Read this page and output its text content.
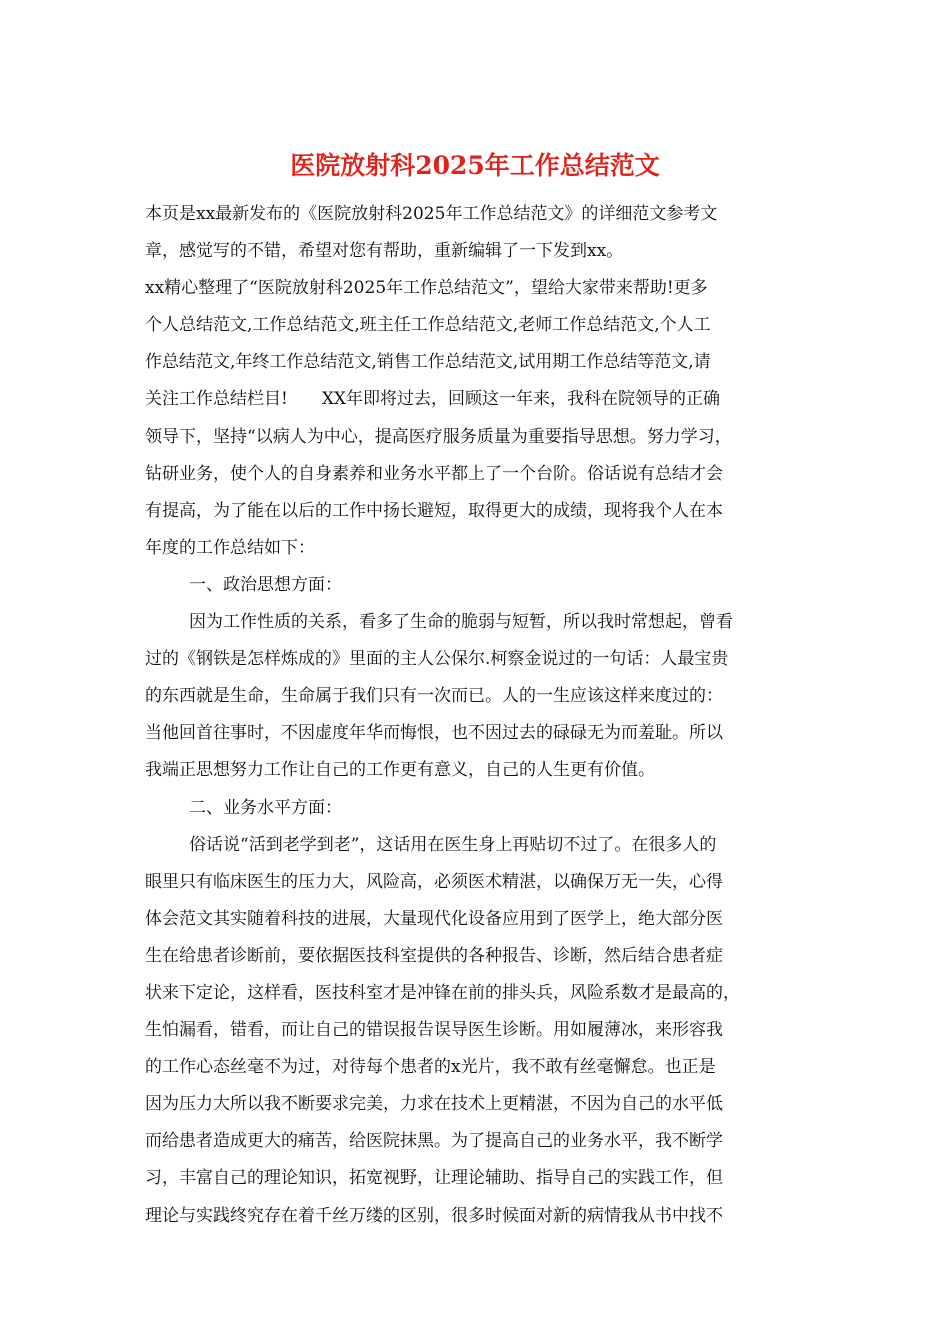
医院放射科2025年工作总结范文
本页是xx最新发布的《医院放射科2025年工作总结范文》的详细范文参考文
章，感觉写的不错，希望对您有帮助，重新编辑了一下发到xx。
xx精心整理了“医院放射科2025年工作总结范文”，望给大家带来帮助!更多
个人总结范文,工作总结范文,班主任工作总结范文,老师工作总结范文,个人工
作总结范文,年终工作总结范文,销售工作总结范文,试用期工作总结等范文,请
关注工作总结栏目!　　XX年即将过去，回顾这一年来，我科在院领导的正确
领导下，坚持“以病人为中心，提高医疗服务质量为重要指导思想。努力学习，
钻研业务，使个人的自身素养和业务水平都上了一个台阶。俗话说有总结才会
有提高，为了能在以后的工作中扬长避短，取得更大的成绩，现将我个人在本
年度的工作总结如下：
一、政治思想方面：
因为工作性质的关系，看多了生命的脆弱与短暂，所以我时常想起，曾看
过的《钢铁是怎样炼成的》里面的主人公保尔.柯察金说过的一句话：人最宝贵
的东西就是生命，生命属于我们只有一次而已。人的一生应该这样来度过的：
当他回首往事时，不因虚度年华而悔恨，也不因过去的碌碌无为而羞耻。所以
我端正思想努力工作让自己的工作更有意义，自己的人生更有价值。
二、业务水平方面：
俗话说“活到老学到老”，这话用在医生身上再贴切不过了。在很多人的
眼里只有临床医生的压力大，风险高，必须医术精湛，以确保万无一失，心得
体会范文其实随着科技的进展，大量现代化设备应用到了医学上，绝大部分医
生在给患者诊断前，要依据医技科室提供的各种报告、诊断，然后结合患者症
状来下定论，这样看，医技科室才是冲锋在前的排头兵，风险系数才是最高的，
生怕漏看，错看，而让自己的错误报告误导医生诊断。用如履薄冰，来形容我
的工作心态丝毫不为过，对待每个患者的x光片，我不敢有丝毫懈怠。也正是
因为压力大所以我不断要求完美，力求在技术上更精湛，不因为自己的水平低
而给患者造成更大的痛苦，给医院抹黑。为了提高自己的业务水平，我不断学
习，丰富自己的理论知识，拓宽视野，让理论辅助、指导自己的实践工作，但
理论与实践终究存在着千丝万缕的区别，很多时候面对新的病情我从书中找不
